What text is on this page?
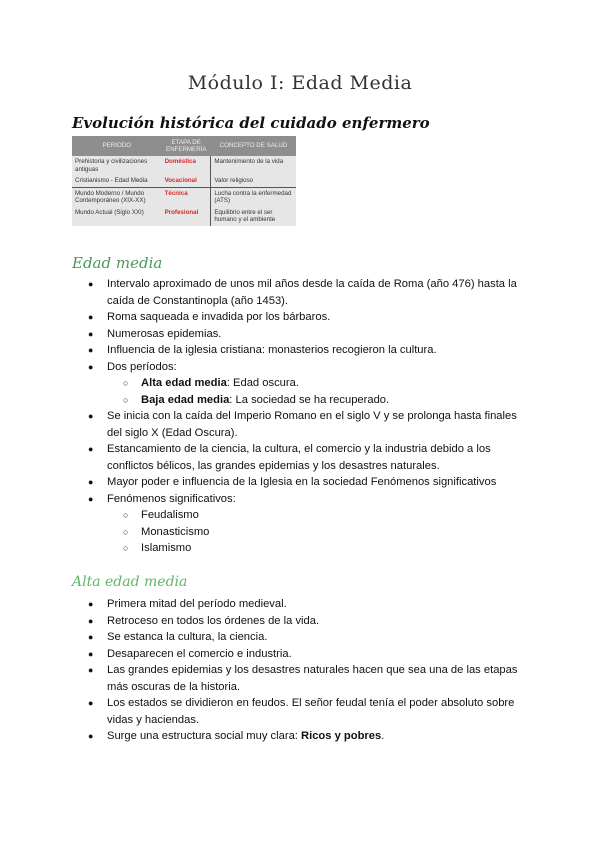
Módulo I: Edad Media
Evolución histórica del cuidado enfermero
PERIODO	ETAPA DE ENFERMERÍA	CONCEPTO DE SALUD
Prehistoria y civilizaciones antiguas	Doméstica	Mantenimiento de la vida
Cristianismo - Edad Media	Vocacional	Valor religioso
Mundo Moderno / Mundo Contemporáneo (XIX-XX)	Técnica	Lucha contra la enfermedad (ATS)
Mundo Actual (Siglo XXI)	Profesional	Equilibrio entre el ser humano y el ambiente
Edad media
● Intervalo aproximado de unos mil años desde la caída de Roma (año 476) hasta la caída de Constantinopla (año 1453).
● Roma saqueada e invadida por los bárbaros.
● Numerosas epidemias.
● Influencia de la iglesia cristiana: monasterios recogieron la cultura.
● Dos períodos:
○ Alta edad media: Edad oscura.
○ Baja edad media: La sociedad se ha recuperado.
● Se inicia con la caída del Imperio Romano en el siglo V y se prolonga hasta finales del siglo X (Edad Oscura).
● Estancamiento de la ciencia, la cultura, el comercio y la industria debido a los conflictos bélicos, las grandes epidemias y los desastres naturales.
● Mayor poder e influencia de la Iglesia en la sociedad Fenómenos significativos
● Fenómenos significativos:
○ Feudalismo
○ Monasticismo
○ Islamismo
Alta edad media
● Primera mitad del período medieval.
● Retroceso en todos los órdenes de la vida.
● Se estanca la cultura, la ciencia.
● Desaparecen el comercio e industria.
● Las grandes epidemias y los desastres naturales hacen que sea una de las etapas más oscuras de la historia.
● Los estados se dividieron en feudos. El señor feudal tenía el poder absoluto sobre vidas y haciendas.
● Surge una estructura social muy clara: Ricos y pobres.
